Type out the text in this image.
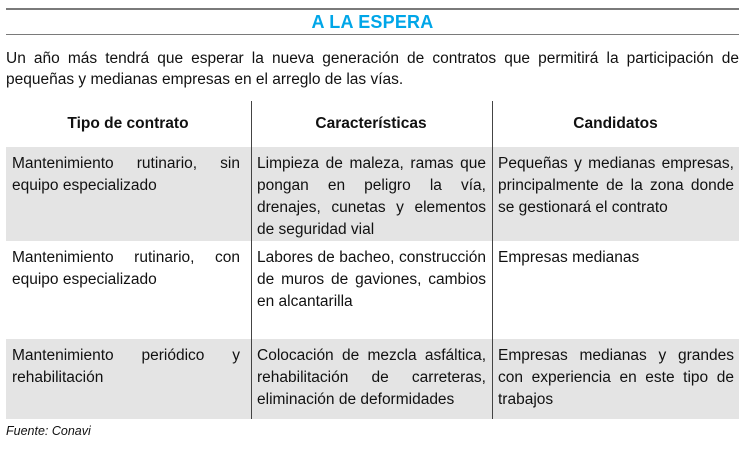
A LA ESPERA
Un año más tendrá que esperar la nueva generación de contratos que permitirá la participación de pequeñas y medianas empresas en el arreglo de las vías.
Tipo de contrato	Características	Candidatos
Mantenimiento rutinario, sin equipo especializado
Limpieza de maleza, ramas que pongan en peligro la vía, drenajes, cunetas y elementos de seguridad vial
Pequeñas y medianas empresas, principalmente de la zona donde se gestionará el contrato
Mantenimiento rutinario, con equipo especializado
Labores de bacheo, construcción de muros de gaviones, cambios en alcantarilla
Empresas medianas
Mantenimiento periódico y rehabilitación
Colocación de mezcla asfáltica, rehabilitación de carreteras, eliminación de deformidades
Empresas medianas y grandes con experiencia en este tipo de trabajos
Fuente: Conavi
